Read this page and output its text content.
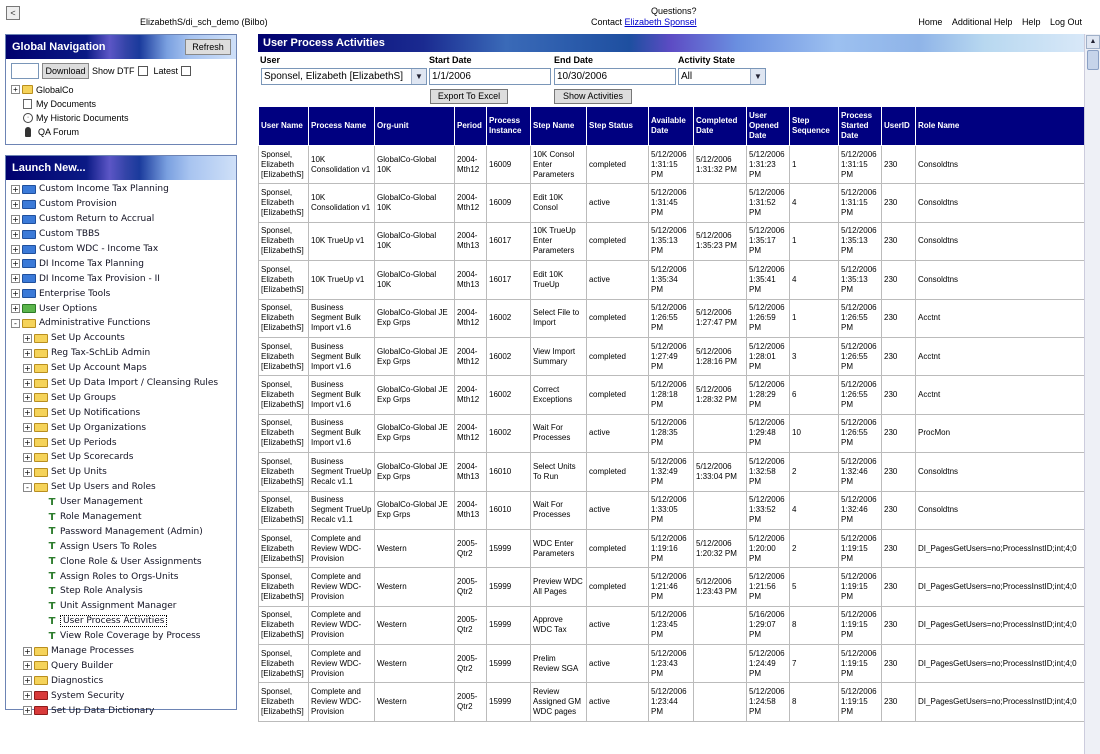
<
ElizabethS/di_sch_demo (Bilbo)
Questions?
Contact Elizabeth Sponsel	Home Additional Help Help Log Out
Global Navigation	Refresh
Download Show DTF Latest
+ GlobalCo
My Documents
· My Historic Documents
QA Forum
Launch New...
+ Custom Income Tax Planning
+ Custom Provision
+ Custom Return to Accrual
+ Custom TBBS
+ Custom WDC - Income Tax
+ DI Income Tax Planning
+ DI Income Tax Provision - II
+ Enterprise Tools
+ User Options
-	Administrative Functions
+ Set Up Accounts
+ Reg Tax-SchLib Admin
+ Set Up Account Maps
+ Set Up Data Import / Cleansing Rules
+ Set Up Groups
+ Set Up Notifications
+ Set Up Organizations
+ Set Up Periods
+ Set Up Scorecards
+ Set Up Units
-	Set Up Users and Roles
T User Management
T Role Management
T Password Management (Admin)
T Assign Users To Roles
T Clone Role & User Assignments
T Assign Roles to Orgs-Units
T Step Role Analysis
T Unit Assignment Manager
T User Process Activities
T View Role Coverage by Process
+ Manage Processes
+ Query Builder
+ Diagnostics
+ System Security
+ Set Up Data Dictionary
User Process Activities
User
Sponsel, Elizabeth [ElizabethS]	▼
Start Date
1/1/2006
End Date
10/30/2006
Activity State
All	▼
Export To Excel	Show Activities
User Name	Process Name	Org-unit	Period	Process Instance	Step Name	Step Status	Available Date	Completed Date	User Opened Date	Step Sequence	Process Started Date	UserID	Role Name
Sponsel, Elizabeth [ElizabethS]	10K Consolidation v1	GlobalCo-Global 10K	2004-Mth12	16009	10K Consol Enter Parameters	completed	5/12/2006 1:31:15 PM	5/12/2006 1:31:32 PM	5/12/2006 1:31:23 PM	1	5/12/2006 1:31:15 PM	230	Consoldtns
Sponsel, Elizabeth [ElizabethS]	10K Consolidation v1	GlobalCo-Global 10K	2004-Mth12	16009	Edit 10K Consol	active	5/12/2006 1:31:45 PM		5/12/2006 1:31:52 PM	4	5/12/2006 1:31:15 PM	230	Consoldtns
Sponsel, Elizabeth [ElizabethS]	10K TrueUp v1	GlobalCo-Global 10K	2004-Mth13	16017	10K TrueUp Enter Parameters	completed	5/12/2006 1:35:13 PM	5/12/2006 1:35:23 PM	5/12/2006 1:35:17 PM	1	5/12/2006 1:35:13 PM	230	Consoldtns
Sponsel, Elizabeth [ElizabethS]	10K TrueUp v1	GlobalCo-Global 10K	2004-Mth13	16017	Edit 10K TrueUp	active	5/12/2006 1:35:34 PM		5/12/2006 1:35:41 PM	4	5/12/2006 1:35:13 PM	230	Consoldtns
Sponsel, Elizabeth [ElizabethS]	Business Segment Bulk Import v1.6	GlobalCo-Global JE Exp Grps	2004-Mth12	16002	Select File to Import	completed	5/12/2006 1:26:55 PM	5/12/2006 1:27:47 PM	5/12/2006 1:26:59 PM	1	5/12/2006 1:26:55 PM	230	Acctnt
Sponsel, Elizabeth [ElizabethS]	Business Segment Bulk Import v1.6	GlobalCo-Global JE Exp Grps	2004-Mth12	16002	View Import Summary	completed	5/12/2006 1:27:49 PM	5/12/2006 1:28:16 PM	5/12/2006 1:28:01 PM	3	5/12/2006 1:26:55 PM	230	Acctnt
Sponsel, Elizabeth [ElizabethS]	Business Segment Bulk Import v1.6	GlobalCo-Global JE Exp Grps	2004-Mth12	16002	Correct Exceptions	completed	5/12/2006 1:28:18 PM	5/12/2006 1:28:32 PM	5/12/2006 1:28:29 PM	6	5/12/2006 1:26:55 PM	230	Acctnt
Sponsel, Elizabeth [ElizabethS]	Business Segment Bulk Import v1.6	GlobalCo-Global JE Exp Grps	2004-Mth12	16002	Wait For Processes	active	5/12/2006 1:28:35 PM		5/12/2006 1:29:48 PM	10	5/12/2006 1:26:55 PM	230	ProcMon
Sponsel, Elizabeth [ElizabethS]	Business Segment TrueUp Recalc v1.1	GlobalCo-Global JE Exp Grps	2004-Mth13	16010	Select Units To Run	completed	5/12/2006 1:32:49 PM	5/12/2006 1:33:04 PM	5/12/2006 1:32:58 PM	2	5/12/2006 1:32:46 PM	230	Consoldtns
Sponsel, Elizabeth [ElizabethS]	Business Segment TrueUp Recalc v1.1	GlobalCo-Global JE Exp Grps	2004-Mth13	16010	Wait For Processes	active	5/12/2006 1:33:05 PM		5/12/2006 1:33:52 PM	4	5/12/2006 1:32:46 PM	230	Consoldtns
Sponsel, Elizabeth [ElizabethS]	Complete and Review WDC-Provision	Western	2005-Qtr2	15999	WDC Enter Parameters	completed	5/12/2006 1:19:16 PM	5/12/2006 1:20:32 PM	5/12/2006 1:20:00 PM	2	5/12/2006 1:19:15 PM	230	DI_PagesGetUsers=no;ProcessInstID;int;4;0
Sponsel, Elizabeth [ElizabethS]	Complete and Review WDC-Provision	Western	2005-Qtr2	15999	Preview WDC All Pages	completed	5/12/2006 1:21:46 PM	5/12/2006 1:23:43 PM	5/12/2006 1:21:56 PM	5	5/12/2006 1:19:15 PM	230	DI_PagesGetUsers=no;ProcessInstID;int;4;0
Sponsel, Elizabeth [ElizabethS]	Complete and Review WDC-Provision	Western	2005-Qtr2	15999	Approve WDC Tax	active	5/12/2006 1:23:45 PM		5/16/2006 1:29:07 PM	8	5/12/2006 1:19:15 PM	230	DI_PagesGetUsers=no;ProcessInstID;int;4;0
Sponsel, Elizabeth [ElizabethS]	Complete and Review WDC-Provision	Western	2005-Qtr2	15999	Prelim Review SGA	active	5/12/2006 1:23:43 PM		5/12/2006 1:24:49 PM	7	5/12/2006 1:19:15 PM	230	DI_PagesGetUsers=no;ProcessInstID;int;4;0
Sponsel, Elizabeth [ElizabethS]	Complete and Review WDC-Provision	Western	2005-Qtr2	15999	Review Assigned GM WDC pages	active	5/12/2006 1:23:44 PM		5/12/2006 1:24:58 PM	8	5/12/2006 1:19:15 PM	230	DI_PagesGetUsers=no;ProcessInstID;int;4;0
▲
